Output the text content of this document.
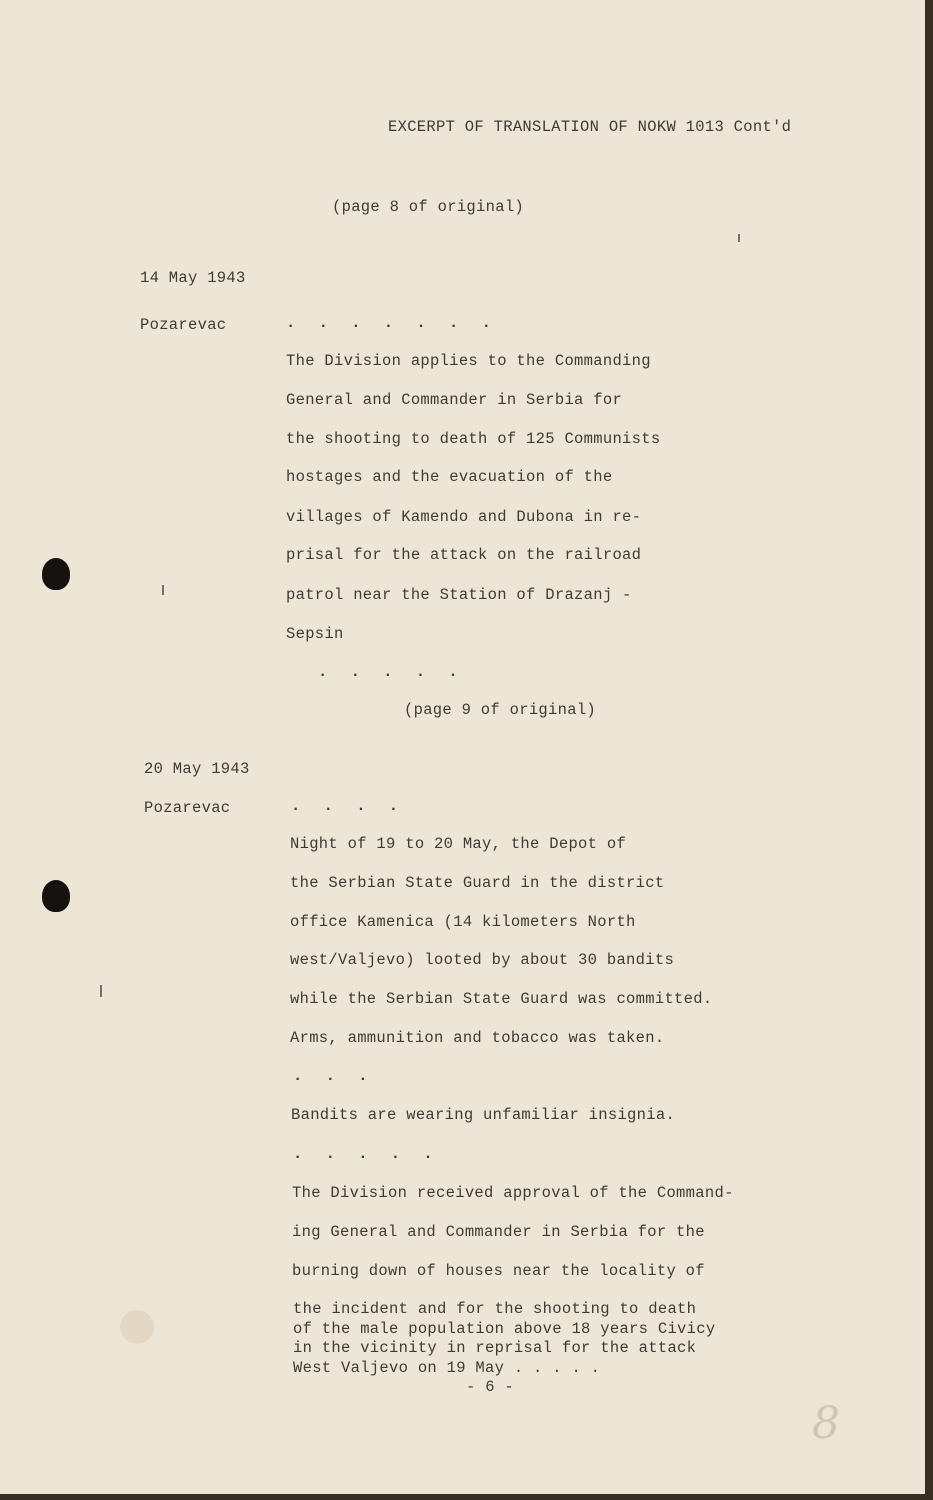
EXCERPT OF TRANSLATION OF NOKW 1013 Cont'd
(page 8 of original)
14 May 1943
Pozarevac	. . . . . . .
The Division applies to the Commanding
General and Commander in Serbia for
the shooting to death of 125 Communists
hostages and the evacuation of the
villages of Kamendo and Dubona in re-
prisal for the attack on the railroad
patrol near the Station of Drazanj -
Sepsin
. . . . .
(page 9 of original)
20 May 1943
Pozarevac	. . . .
Night of 19 to 20 May, the Depot of
the Serbian State Guard in the district
office Kamenica (14 kilometers North
west/Valjevo) looted by about 30 bandits
while the Serbian State Guard was committed.
Arms, ammunition and tobacco was taken.
. . .
Bandits are wearing unfamiliar insignia.
. . . . .
The Division received approval of the Command-
ing General and Commander in Serbia for the
burning down of houses near the locality of
the incident and for the shooting to death
of the male population above 18 years Civicy
in the vicinity in reprisal for the attack
West Valjevo on 19 May . . . . .
- 6 -
8
